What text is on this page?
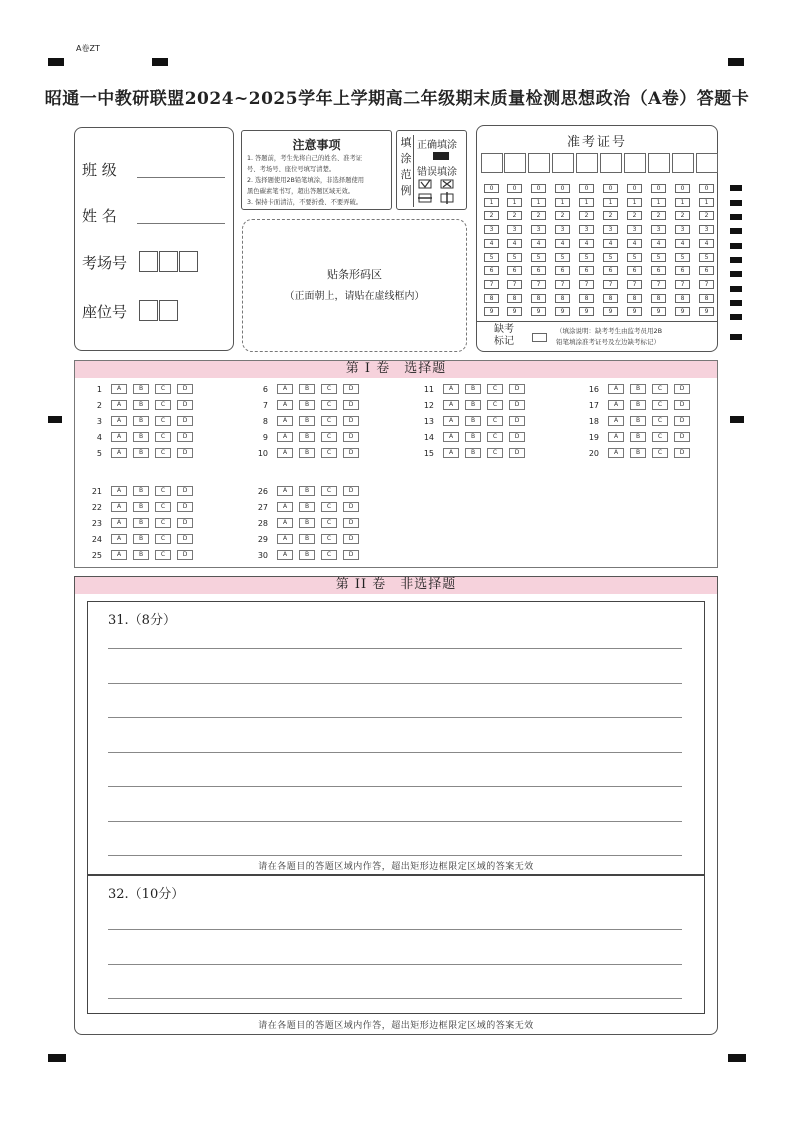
A卷ZT
昭通一中教研联盟2024~2025学年上学期高二年级期末质量检测思想政治（A卷）答题卡
班 级
姓 名
考场号
座位号
注意事项
1. 答题前，考生先将自己的姓名、准考证
号、考场号、座位号填写清楚。
2. 选择题使用2B铅笔填涂，非选择题使用
黑色碳素笔书写，超出答题区域无效。
3. 保持卡面清洁，不要折叠、不要弄破。
填
涂
范
例
正确填涂
错误填涂
贴条形码区
（正面朝上，请贴在虚线框内）
准考证号
0	0	0	0	0	0	0	0	0	0
1	1	1	1	1	1	1	1	1	1
2	2	2	2	2	2	2	2	2	2
3	3	3	3	3	3	3	3	3	3
4	4	4	4	4	4	4	4	4	4
5	5	5	5	5	5	5	5	5	5
6	6	6	6	6	6	6	6	6	6
7	7	7	7	7	7	7	7	7	7
8	8	8	8	8	8	8	8	8	8
9	9	9	9	9	9	9	9	9	9
缺考
标记
（填涂说明：缺考考生由监考员用2B
铅笔填涂准考证号及左边缺考标记）
第 I 卷　选择题
1 A	B	C	D
2 A	B	C	D
3 A	B	C	D
4 A	B	C	D
5 A	B	C	D
6 A	B	C	D
7 A	B	C	D
8 A	B	C	D
9 A	B	C	D
10 A	B	C	D
11 A	B	C	D
12 A	B	C	D
13 A	B	C	D
14 A	B	C	D
15 A	B	C	D
16 A	B	C	D
17 A	B	C	D
18 A	B	C	D
19 A	B	C	D
20 A	B	C	D
21 A	B	C	D
22 A	B	C	D
23 A	B	C	D
24 A	B	C	D
25 A	B	C	D
26 A	B	C	D
27 A	B	C	D
28 A	B	C	D
29 A	B	C	D
30 A	B	C	D
第 II 卷　非选择题
31.（8分）
请在各题目的答题区域内作答，超出矩形边框限定区域的答案无效
32.（10分）
请在各题目的答题区域内作答，超出矩形边框限定区域的答案无效
